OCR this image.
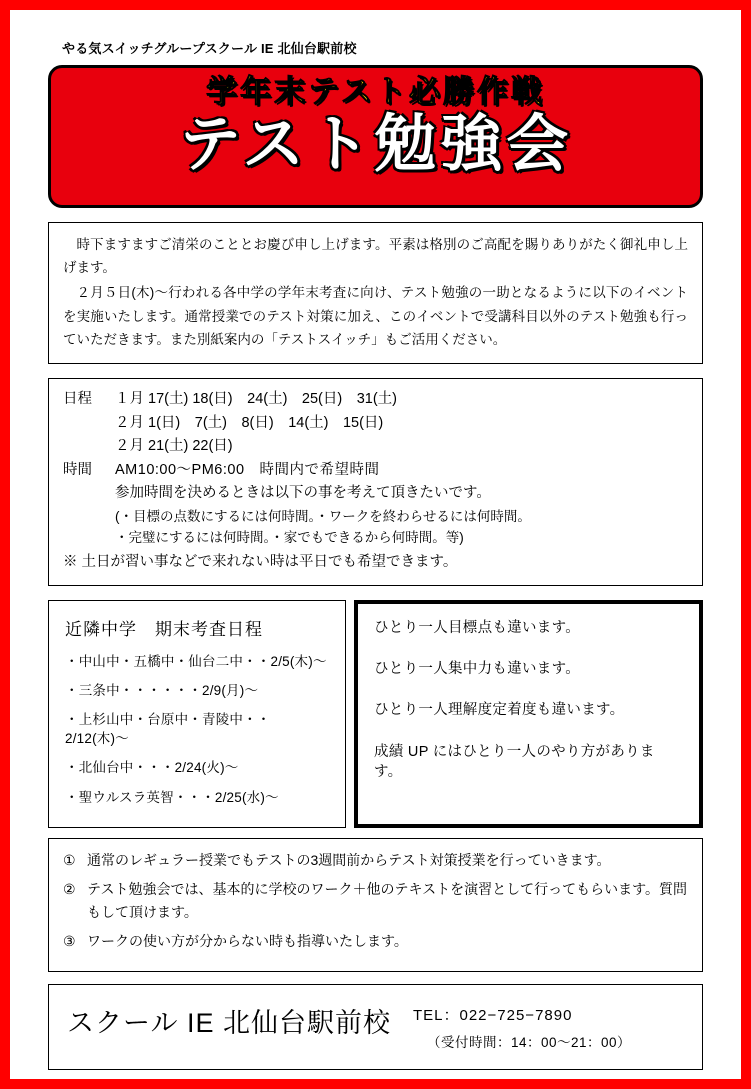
やる気スイッチグループスクール IE 北仙台駅前校
学年末テスト必勝作戦
テスト勉強会

時下ますますご清栄のこととお慶び申し上げます。平素は格別のご高配を賜りありがたく御礼申し上げます。

２月５日(木)〜行われる各中学の学年末考査に向け、テスト勉強の一助となるように以下のイベントを実施いたします。通常授業でのテスト対策に加え、このイベントで受講科目以外のテスト勉強も行っていただきます。また別紙案内の「テストスイッチ」もご活用ください。

日程	１月 17(土) 18(日)　24(土)　25(日)　31(土)
２月 1(日)　7(土)　8(日)　14(土)　15(日)
２月 21(土) 22(日)
時間	AM10:00〜PM6:00　時間内で希望時間
参加時間を決めるときは以下の事を考えて頂きたいです。
(・目標の点数にするには何時間。・ワークを終わらせるには何時間。
・完璧にするには何時間。・家でもできるから何時間。等)
※ 土日が習い事などで来れない時は平日でも希望できます。
近隣中学　期末考査日程
・中山中・五橋中・仙台二中・・2/5(木)〜
・三条中・・・・・・2/9(月)〜
・上杉山中・台原中・青陵中・・2/12(木)〜
・北仙台中・・・2/24(火)〜
・聖ウルスラ英智・・・2/25(水)〜

ひとり一人目標点も違います。

ひとり一人集中力も違います。

ひとり一人理解度定着度も違います。

成績 UP にはひとり一人のやり方があります。

① 通常のレギュラー授業でもテストの3週間前からテスト対策授業を行っていきます。
② テスト勉強会では、基本的に学校のワーク＋他のテキストを演習として行ってもらいます。質問もして頂けます。
③ ワークの使い方が分からない時も指導いたします。
スクール IE 北仙台駅前校 TEL：022−725−7890
（受付時間：14：00〜21：00）
